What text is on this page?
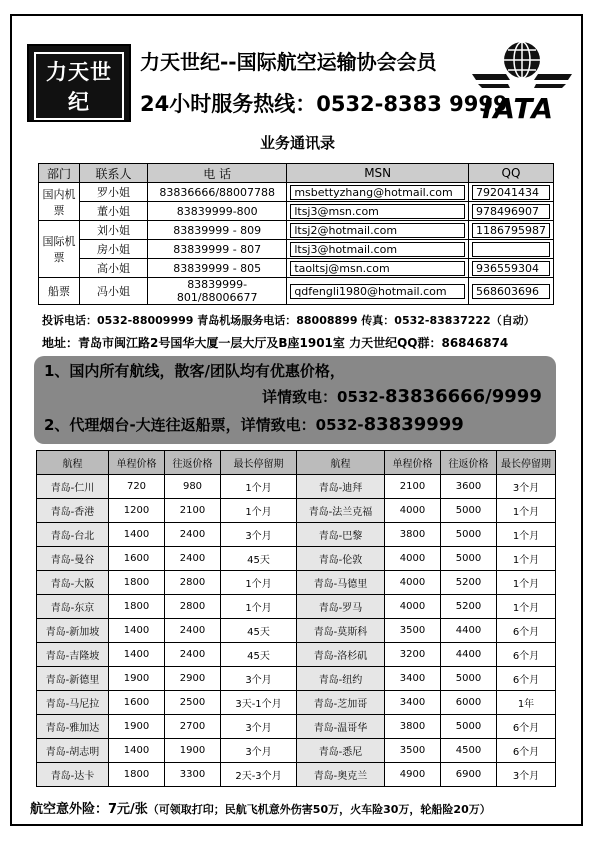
力天世纪
机票·酒店·旅游
力天世纪--国际航空运输协会会员
24小时服务热线：0532-8383 9999
IATA
业务通讯录
部门	联系人	电 话	MSN	QQ
国内机票	罗小姐	83836666/88007788	msbettyzhang@hotmail.com	792041434

	董小姐	83839999-800	ltsj3@msn.com	978496907

国际机票	刘小姐	83839999 - 809	ltsj2@hotmail.com	1186795987

	房小姐	83839999 - 807	ltsj3@hotmail.com	

	高小姐	83839999 - 805	taoltsj@msn.com	936559304

船票	冯小姐	83839999-801/88006677	qdfengli1980@hotmail.com	568603696
投诉电话：0532-88009999 青岛机场服务电话：88008899 传真：0532-83837222（自动）
地址：青岛市闽江路2号国华大厦一层大厅及B座1901室 力天世纪QQ群：86846874
1、国内所有航线，散客/团队均有优惠价格，
详情致电：0532-83836666/9999
2、代理烟台-大连往返船票，详情致电：0532-83839999
航程	单程价格	往返价格	最长停留期	航程	单程价格	往返价格	最长停留期
青岛-仁川	720	980	1个月	青岛-迪拜	2100	3600	3个月
青岛-香港	1200	2100	1个月	青岛-法兰克福	4000	5000	1个月
青岛-台北	1400	2400	3个月	青岛-巴黎	3800	5000	1个月
青岛-曼谷	1600	2400	45天	青岛-伦敦	4000	5000	1个月
青岛-大阪	1800	2800	1个月	青岛-马德里	4000	5200	1个月
青岛-东京	1800	2800	1个月	青岛-罗马	4000	5200	1个月
青岛-新加坡	1400	2400	45天	青岛-莫斯科	3500	4400	6个月
青岛-吉隆坡	1400	2400	45天	青岛-洛杉矶	3200	4400	6个月
青岛-新德里	1900	2900	3个月	青岛-纽约	3400	5000	6个月
青岛-马尼拉	1600	2500	3天-1个月	青岛-芝加哥	3400	6000	1年
青岛-雅加达	1900	2700	3个月	青岛-温哥华	3800	5000	6个月
青岛-胡志明	1400	1900	3个月	青岛-悉尼	3500	4500	6个月
青岛-达卡	1800	3300	2天-3个月	青岛-奥克兰	4900	6900	3个月
航空意外险：7元/张（可领取打印；民航飞机意外伤害50万，火车险30万，轮船险20万）
